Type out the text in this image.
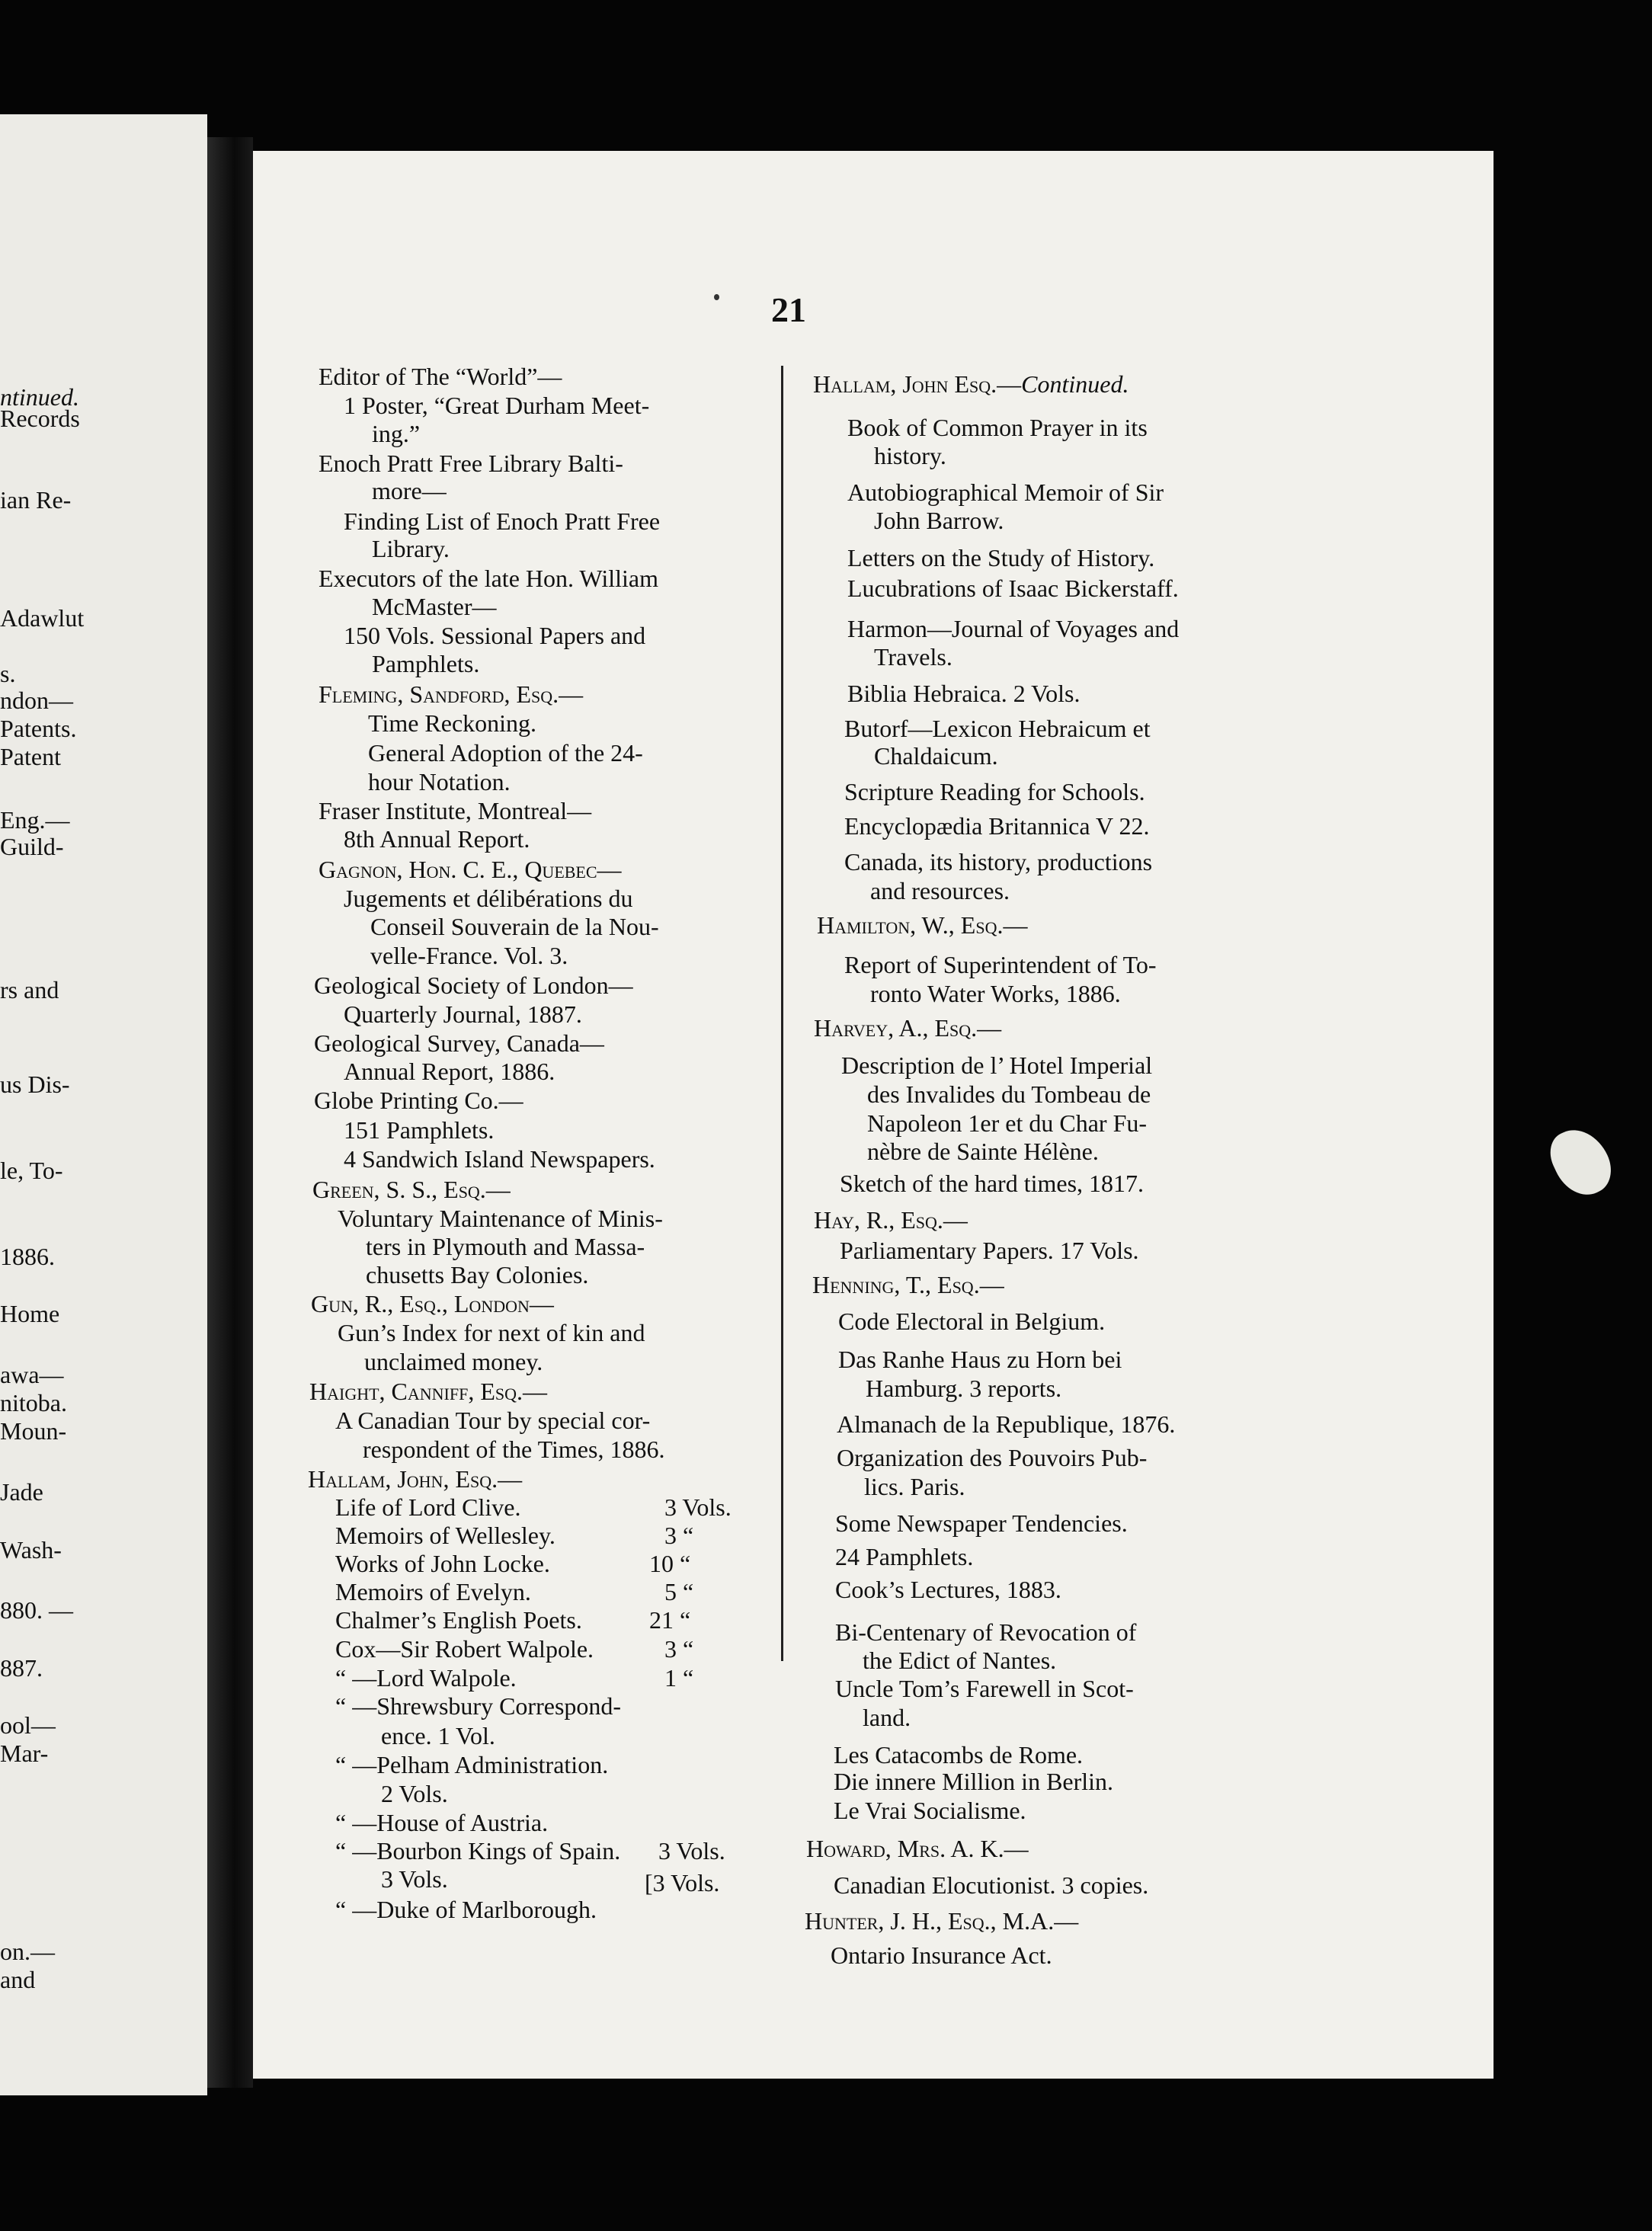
ntinued.
Records
ian Re-
Adawlut
s.
ndon—
Patents.
Patent
Eng.—
Guild-
rs and
us Dis-
le, To-
1886.
Home
awa—
nitoba.
Moun-
Jade
Wash-
880. —
887.
ool—
Mar-
on.—
and
21
Editor of The “World”—
1 Poster, “Great Durham Meet-
ing.”
Enoch Pratt Free Library Balti-
more—
Finding List of Enoch Pratt Free
Library.
Executors of the late Hon. William
McMaster—
150 Vols. Sessional Papers and
Pamphlets.
Fleming, Sandford, Esq.—
Time Reckoning.
General Adoption of the 24-
hour Notation.
Fraser Institute, Montreal—
8th Annual Report.
Gagnon, Hon. C. E., Quebec—
Jugements et délibérations du
Conseil Souverain de la Nou-
velle-France. Vol. 3.
Geological Society of London—
Quarterly Journal, 1887.
Geological Survey, Canada—
Annual Report, 1886.
Globe Printing Co.—
151 Pamphlets.
4 Sandwich Island Newspapers.
Green, S. S., Esq.—
Voluntary Maintenance of Minis-
ters in Plymouth and Massa-
chusetts Bay Colonies.
Gun, R., Esq., London—
Gun’s Index for next of kin and
unclaimed money.
Haight, Canniff, Esq.—
A Canadian Tour by special cor-
respondent of the Times, 1886.
Hallam, John, Esq.—
Life of Lord Clive.
Memoirs of Wellesley.
Works of John Locke.
Memoirs of Evelyn.
Chalmer’s English Poets.
Cox—Sir Robert Walpole.
“ —Lord Walpole.
“ —Shrewsbury Correspond-
ence. 1 Vol.
“ —Pelham Administration.
2 Vols.
“ —House of Austria.
“ —Bourbon Kings of Spain.
3 Vols.	[3 Vols.
“ —Duke of Marlborough.
3 Vols.
3 “
10 “
5 “
21 “
3 “
1 “
3 Vols.
Hallam, John Esq.—Continued.
Book of Common Prayer in its
history.
Autobiographical Memoir of Sir
John Barrow.
Letters on the Study of History.
Lucubrations of Isaac Bickerstaff.
Harmon—Journal of Voyages and
Travels.
Biblia Hebraica. 2 Vols.
Butorf—Lexicon Hebraicum et
Chaldaicum.
Scripture Reading for Schools.
Encyclopædia Britannica V 22.
Canada, its history, productions
and resources.
Hamilton, W., Esq.—
Report of Superintendent of To-
ronto Water Works, 1886.
Harvey, A., Esq.—
Description de l’ Hotel Imperial
des Invalides du Tombeau de
Napoleon 1er et du Char Fu-
nèbre de Sainte Hélène.
Sketch of the hard times, 1817.
Hay, R., Esq.—
Parliamentary Papers. 17 Vols.
Henning, T., Esq.—
Code Electoral in Belgium.
Das Ranhe Haus zu Horn bei
Hamburg. 3 reports.
Almanach de la Republique, 1876.
Organization des Pouvoirs Pub-
lics. Paris.
Some Newspaper Tendencies.
24 Pamphlets.
Cook’s Lectures, 1883.
Bi-Centenary of Revocation of
the Edict of Nantes.
Uncle Tom’s Farewell in Scot-
land.
Les Catacombs de Rome.
Die innere Million in Berlin.
Le Vrai Socialisme.
Howard, Mrs. A. K.—
Canadian Elocutionist. 3 copies.
Hunter, J. H., Esq., M.A.—
Ontario Insurance Act.
